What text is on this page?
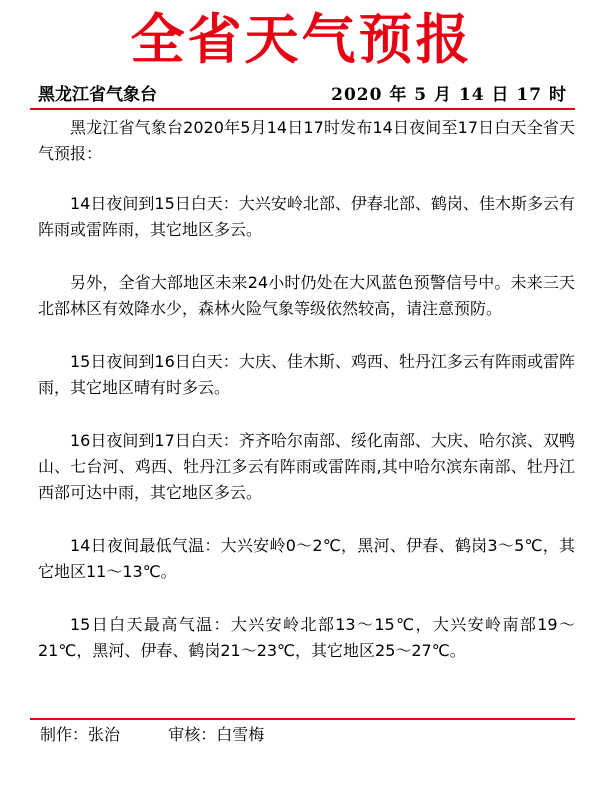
全省天气预报
黑龙江省气象台	2020 年 5 月 14 日 17 时

黑龙江省气象台2020年5月14日17时发布14日夜间至17日白天全省天气预报：

14日夜间到15日白天：大兴安岭北部、伊春北部、鹤岗、佳木斯多云有阵雨或雷阵雨，其它地区多云。

另外，全省大部地区未来24小时仍处在大风蓝色预警信号中。未来三天北部林区有效降水少，森林火险气象等级依然较高，请注意预防。

15日夜间到16日白天：大庆、佳木斯、鸡西、牡丹江多云有阵雨或雷阵雨，其它地区晴有时多云。

16日夜间到17日白天：齐齐哈尔南部、绥化南部、大庆、哈尔滨、双鸭山、七台河、鸡西、牡丹江多云有阵雨或雷阵雨,其中哈尔滨东南部、牡丹江西部可达中雨，其它地区多云。

14日夜间最低气温：大兴安岭0～2℃，黑河、伊春、鹤岗3～5℃，其它地区11～13℃。

15日白天最高气温：大兴安岭北部13～15℃，大兴安岭南部19～21℃，黑河、伊春、鹤岗21～23℃，其它地区25～27℃。

制作：张治	审核：白雪梅
